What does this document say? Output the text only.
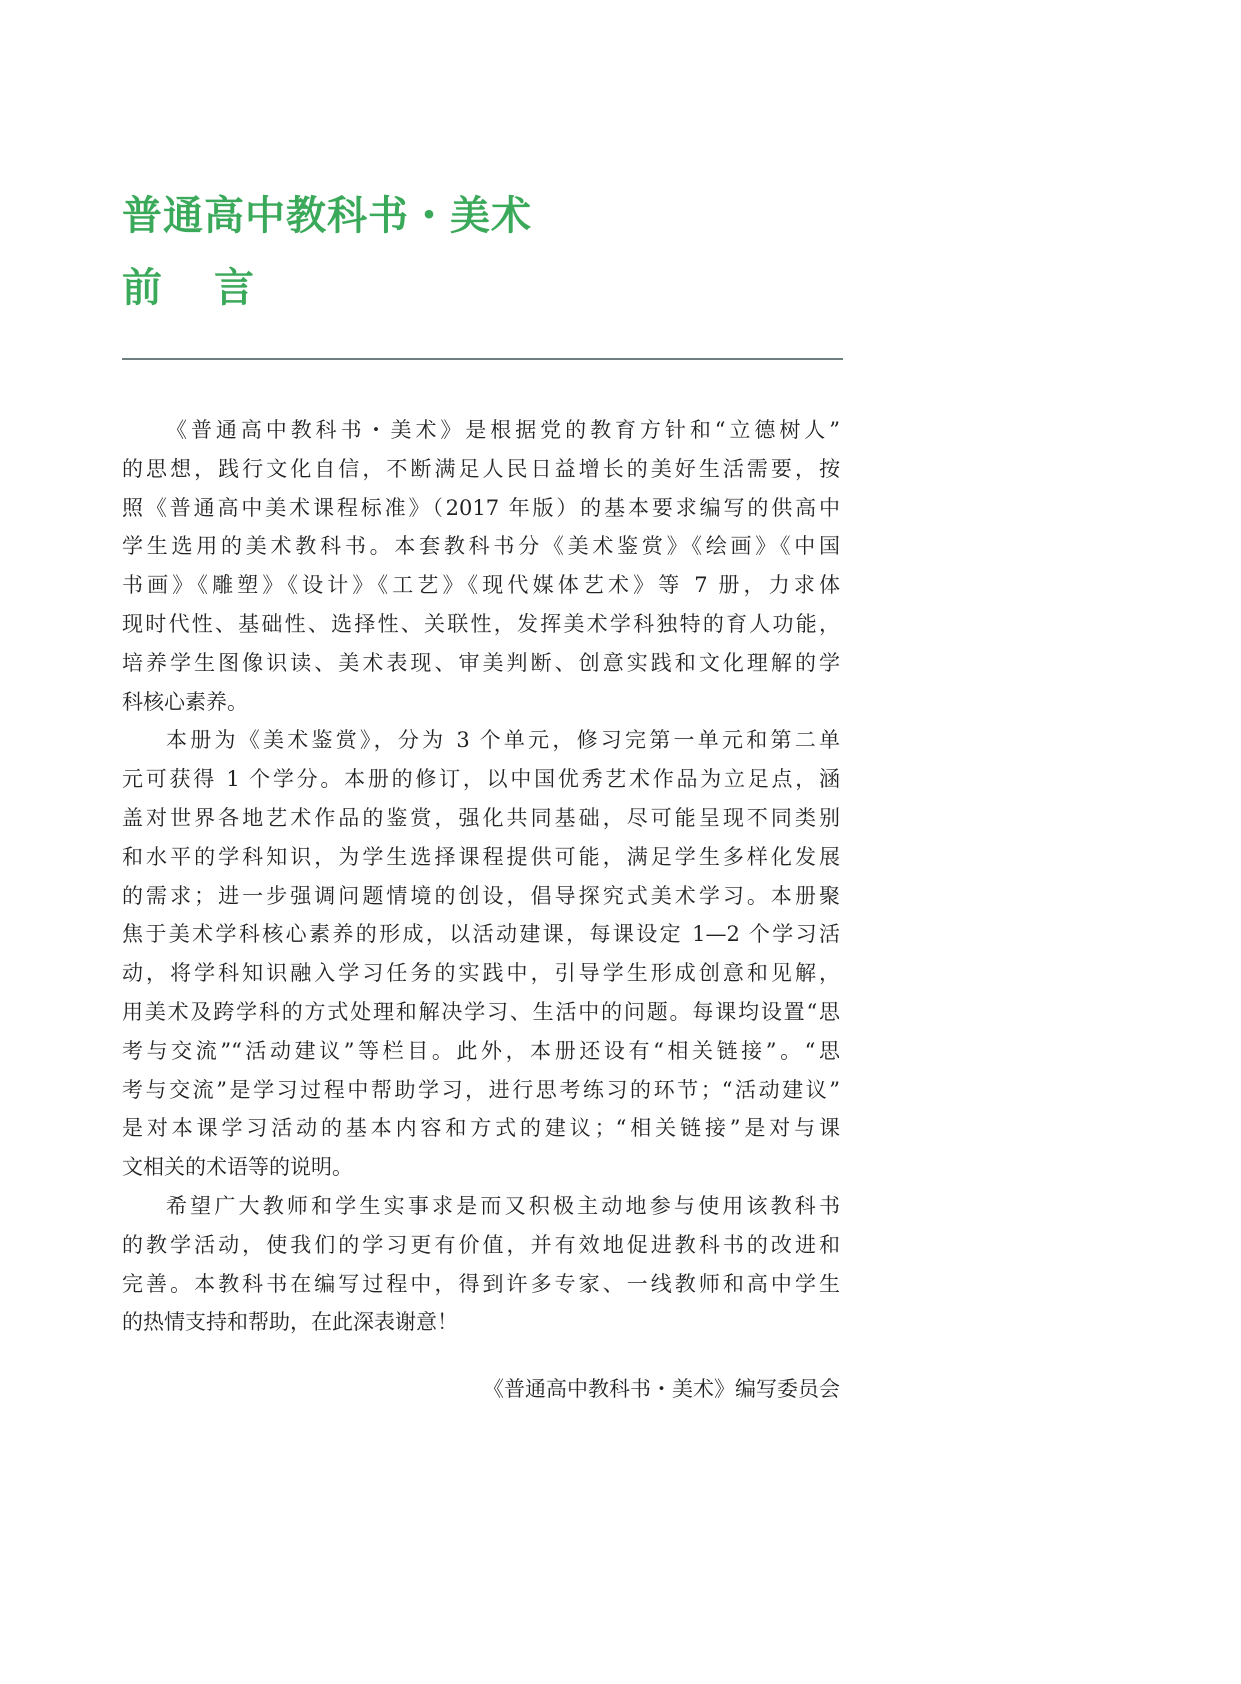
普通高中教科书・美术
前 言
《普通高中教科书・美术》是根据党的教育方针和“立德树人”
的思想，践行文化自信，不断满足人民日益增长的美好生活需要，按
照《普通高中美术课程标准》（2017 年版）的基本要求编写的供高中
学生选用的美术教科书。本套教科书分《美术鉴赏》《绘画》《中国
书画》《雕塑》《设计》《工艺》《现代媒体艺术》等 7 册，力求体
现时代性、基础性、选择性、关联性，发挥美术学科独特的育人功能，
培养学生图像识读、美术表现、审美判断、创意实践和文化理解的学
科核心素养。
本册为《美术鉴赏》，分为 3 个单元，修习完第一单元和第二单
元可获得 1 个学分。本册的修订，以中国优秀艺术作品为立足点，涵
盖对世界各地艺术作品的鉴赏，强化共同基础，尽可能呈现不同类别
和水平的学科知识，为学生选择课程提供可能，满足学生多样化发展
的需求；进一步强调问题情境的创设，倡导探究式美术学习。本册聚
焦于美术学科核心素养的形成，以活动建课，每课设定 1—2 个学习活
动，将学科知识融入学习任务的实践中，引导学生形成创意和见解，
用美术及跨学科的方式处理和解决学习、生活中的问题。每课均设置“思
考与交流”“活动建议”等栏目。此外，本册还设有“相关链接”。“思
考与交流”是学习过程中帮助学习，进行思考练习的环节；“活动建议”
是对本课学习活动的基本内容和方式的建议；“相关链接”是对与课
文相关的术语等的说明。
希望广大教师和学生实事求是而又积极主动地参与使用该教科书
的教学活动，使我们的学习更有价值，并有效地促进教科书的改进和
完善。本教科书在编写过程中，得到许多专家、一线教师和高中学生
的热情支持和帮助，在此深表谢意！
《普通高中教科书・美术》编写委员会
